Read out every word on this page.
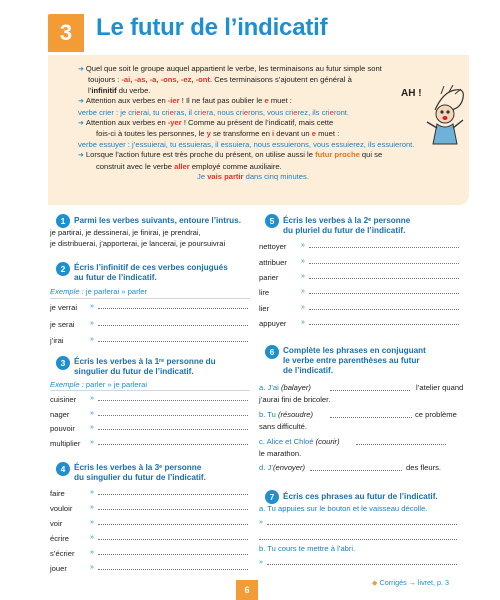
3 Le futur de l’indicatif
➜ Quel que soit le groupe auquel appartient le verbe, les terminaisons au futur simple sont
toujours : -ai, -as, -a, -ons, -ez, -ont. Ces terminaisons s’ajoutent en général à
l’infinitif du verbe.
➜ Attention aux verbes en -ier ! Il ne faut pas oublier le e muet :
verbe crier : je crierai, tu crieras, il criera, nous crierons, vous crierez, ils crieront.
➜ Attention aux verbes en -yer ! Comme au présent de l’indicatif, mais cette
fois-ci à toutes les personnes, le y se transforme en i devant un e muet :
verbe essuyer : j’essuierai, tu essuieras, il essuiera, nous essuierons, vous essuierez, ils essuieront.
➜ Lorsque l’action future est très proche du présent, on utilise aussi le futur proche qui se
construit avec le verbe aller employé comme auxiliaire.
Je vais partir dans cinq minutes.
AH !
1	Parmi les verbes suivants, entoure l’intrus.
je partirai, je dessinerai, je finirai, je prendrai,
je distribuerai, j’apporterai, je lancerai, je poursuivrai
2	Écris l’infinitif de ces verbes conjugués
au futur de l’indicatif.
Exemple : je parlerai » parler
je verrai »
je serai »
j’irai	»
3	Écris les verbes à la 1ʳᵉ personne du
singulier du futur de l’indicatif.
Exemple : parler » je parlerai
cuisiner »
nager	»
pouvoir »
multiplier »
4	Écris les verbes à la 3ᵉ personne
du singulier du futur de l’indicatif.
faire	»
vouloir	»
voir	»
écrire	»
s’écrier »
jouer	»
5	Écris les verbes à la 2ᵉ personne
du pluriel du futur de l’indicatif.
nettoyer »
attribuer »
parier	»
lire	»
lier	»
appuyer »
6	Complète les phrases en conjuguant
le verbe entre parenthèses au futur
de l’indicatif.
a. J’ai (balayer)	l’atelier quand
j’aurai fini de bricoler.
b. Tu (résoudre)	ce problème
sans difficulté.
c. Alice et Chloé (courir)
le marathon.
d. J’(envoyer)	des fleurs.
7	Écris ces phrases au futur de l’indicatif.
a. Tu appuies sur le bouton et le vaisseau décolle.
»
b. Tu cours te mettre à l’abri.
»
6
◆ Corrigés → livret, p. 3
